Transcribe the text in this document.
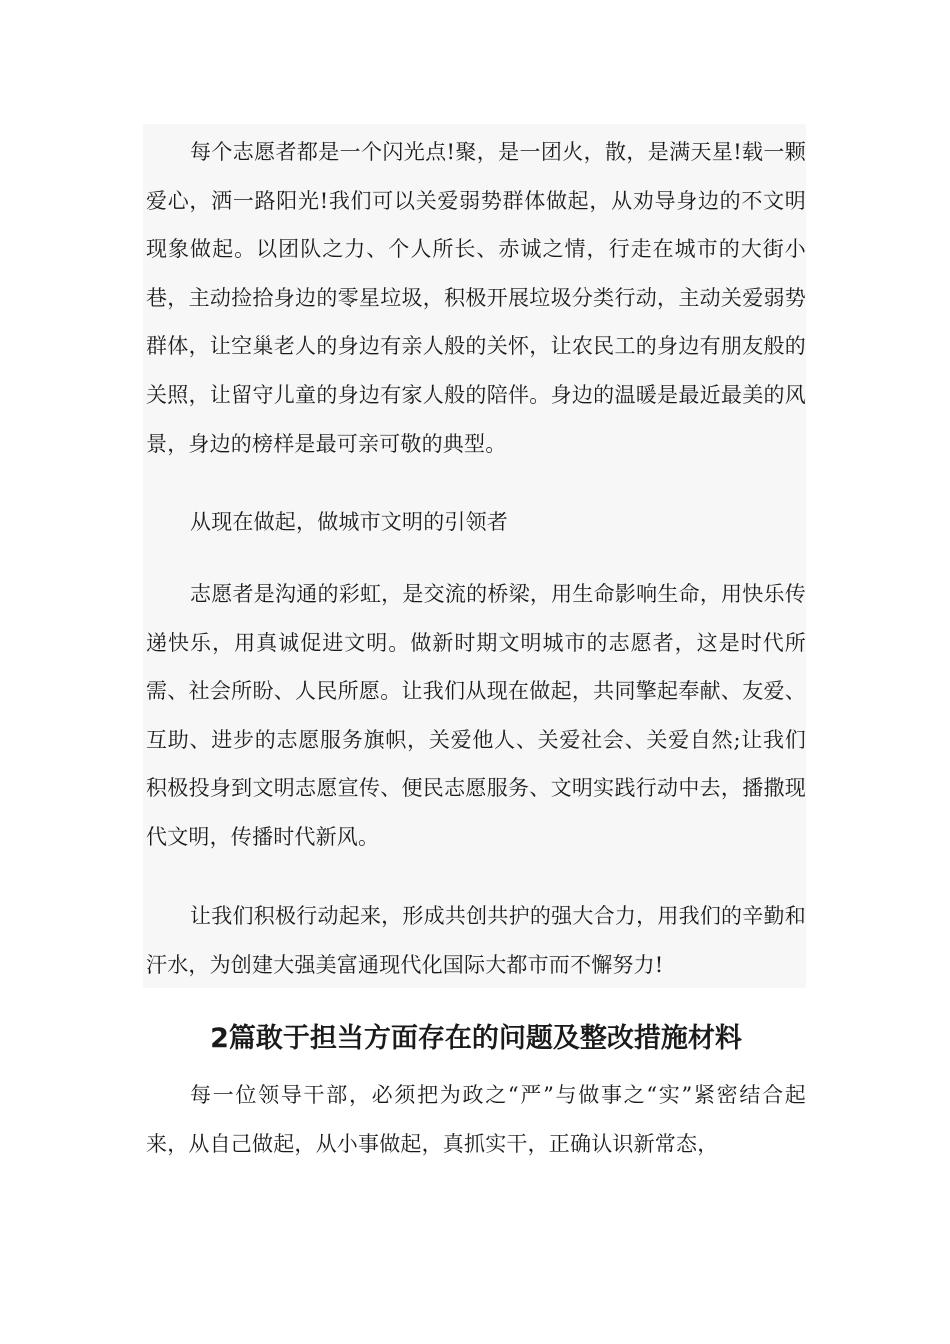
每个志愿者都是一个闪光点!聚，是一团火，散，是满天星!载一颗爱心，洒一路阳光!我们可以关爱弱势群体做起，从劝导身边的不文明现象做起。以团队之力、个人所长、赤诚之情，行走在城市的大街小巷，主动捡拾身边的零星垃圾，积极开展垃圾分类行动，主动关爱弱势群体，让空巢老人的身边有亲人般的关怀，让农民工的身边有朋友般的关照，让留守儿童的身边有家人般的陪伴。身边的温暖是最近最美的风景，身边的榜样是最可亲可敬的典型。

从现在做起，做城市文明的引领者

志愿者是沟通的彩虹，是交流的桥梁，用生命影响生命，用快乐传递快乐，用真诚促进文明。做新时期文明城市的志愿者，这是时代所需、社会所盼、人民所愿。让我们从现在做起，共同擎起奉献、友爱、互助、进步的志愿服务旗帜，关爱他人、关爱社会、关爱自然;让我们积极投身到文明志愿宣传、便民志愿服务、文明实践行动中去，播撒现代文明，传播时代新风。

让我们积极行动起来，形成共创共护的强大合力，用我们的辛勤和汗水，为创建大强美富通现代化国际大都市而不懈努力!

2篇敢于担当方面存在的问题及整改措施材料

每一位领导干部，必须把为政之“严”与做事之“实”紧密结合起来，从自己做起，从小事做起，真抓实干，正确认识新常态，
